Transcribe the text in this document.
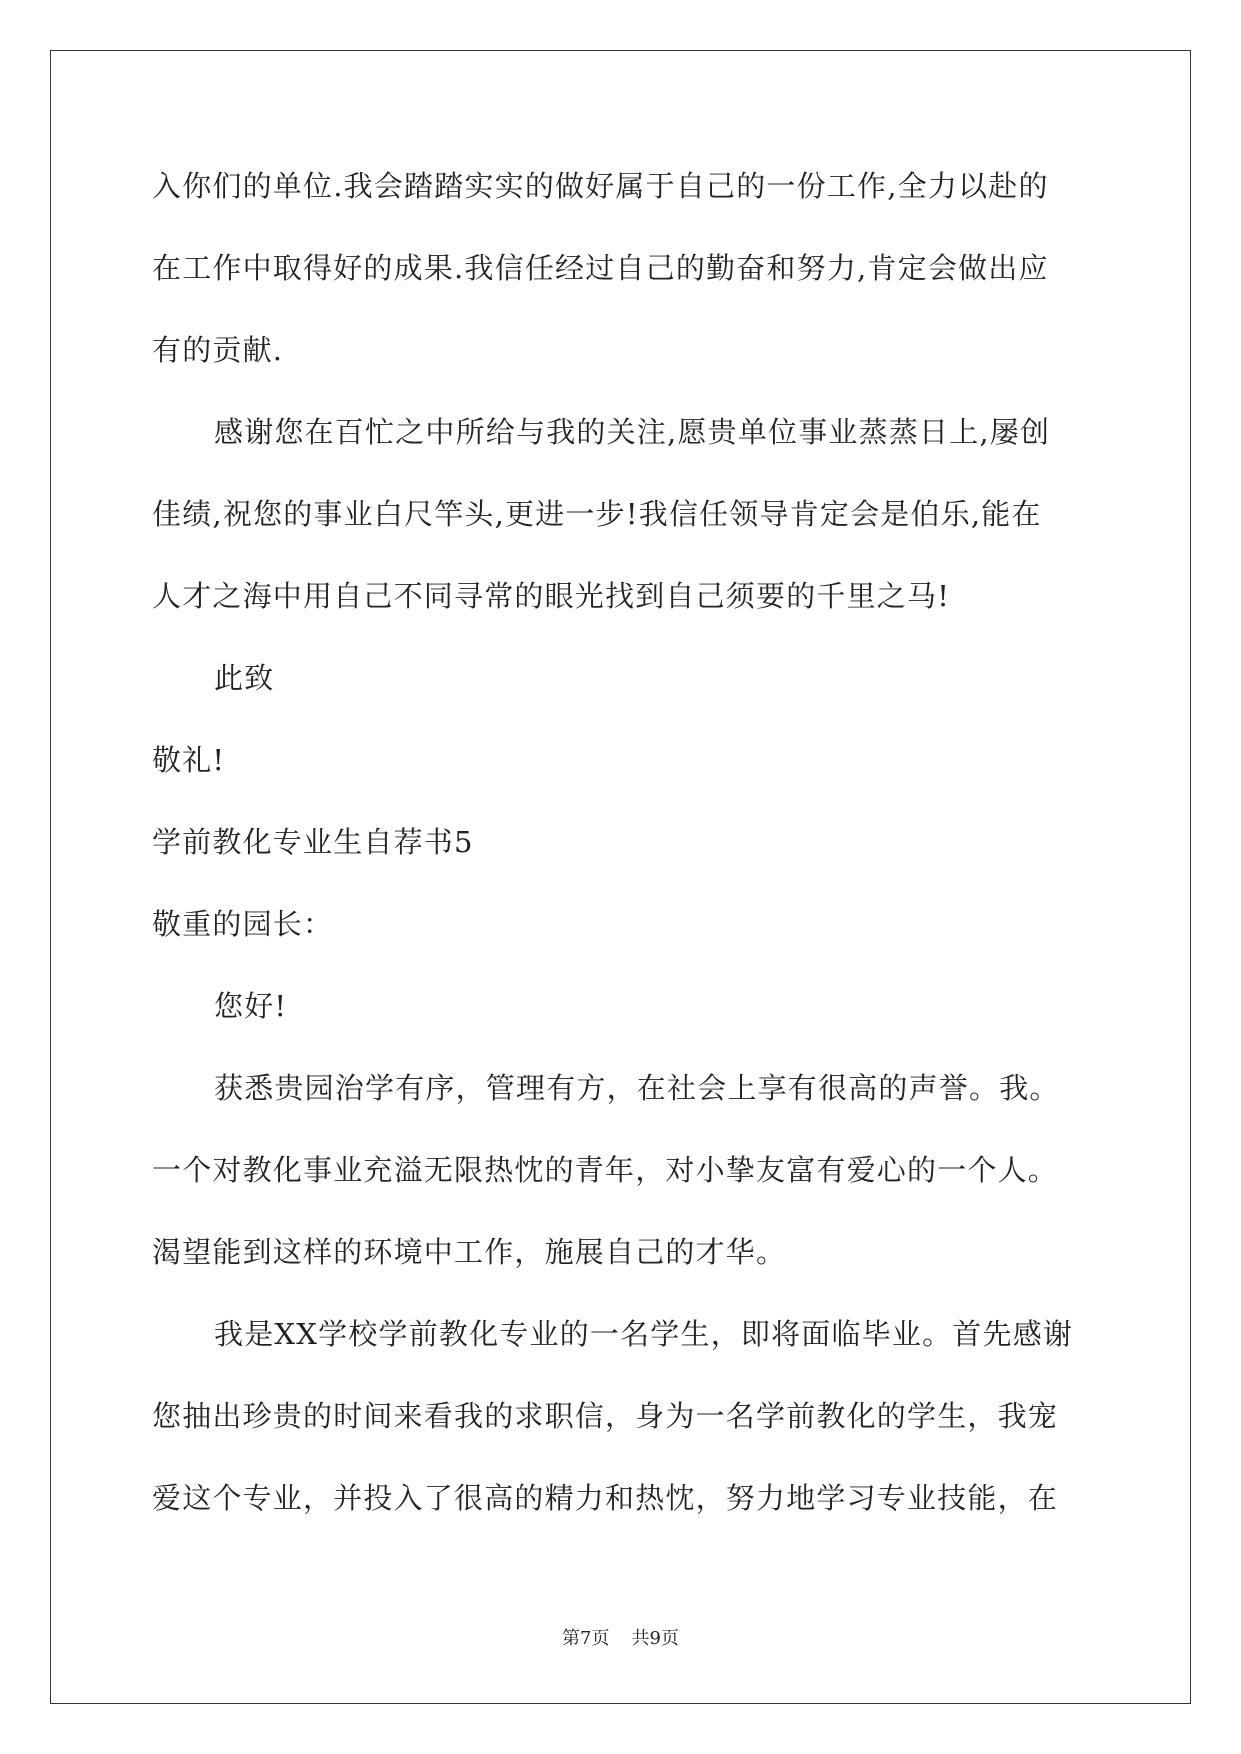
入你们的单位.我会踏踏实实的做好属于自己的一份工作,全力以赴的
在工作中取得好的成果.我信任经过自己的勤奋和努力,肯定会做出应
有的贡献.
感谢您在百忙之中所给与我的关注,愿贵单位事业蒸蒸日上,屡创
佳绩,祝您的事业白尺竿头,更进一步!我信任领导肯定会是伯乐,能在
人才之海中用自己不同寻常的眼光找到自己须要的千里之马!
此致
敬礼!
学前教化专业生自荐书5
敬重的园长：
您好!
获悉贵园治学有序，管理有方，在社会上享有很高的声誉。我。
一个对教化事业充溢无限热忱的青年，对小挚友富有爱心的一个人。
渴望能到这样的环境中工作，施展自己的才华。
我是XX学校学前教化专业的一名学生，即将面临毕业。首先感谢
您抽出珍贵的时间来看我的求职信，身为一名学前教化的学生，我宠
爱这个专业，并投入了很高的精力和热忱，努力地学习专业技能，在
第7页 共9页
